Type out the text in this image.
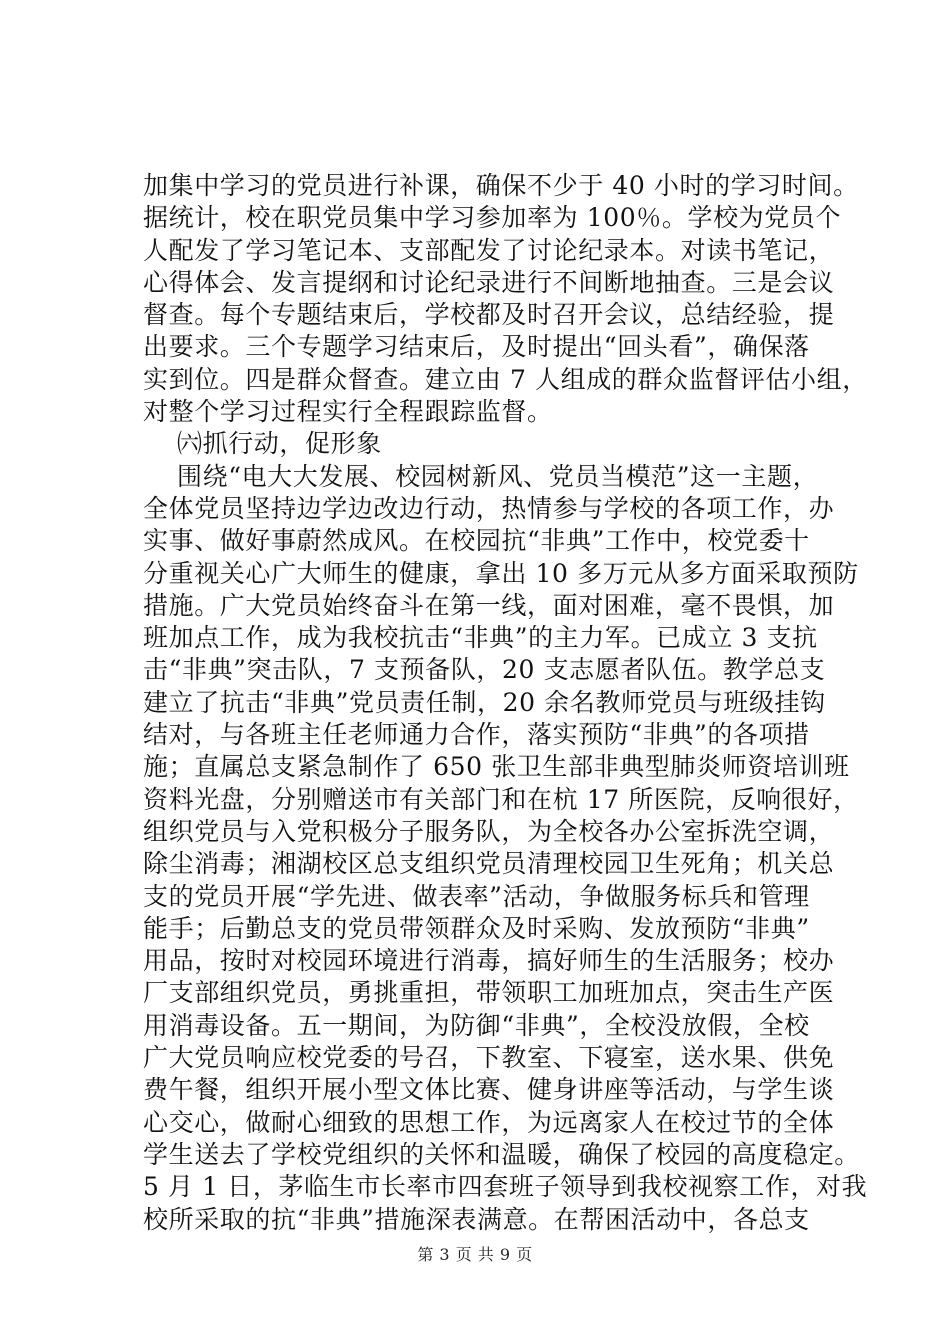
加集中学习的党员进行补课，确保不少于 40 小时的学习时间。
据统计，校在职党员集中学习参加率为 100％。学校为党员个
人配发了学习笔记本、支部配发了讨论纪录本。对读书笔记，
心得体会、发言提纲和讨论纪录进行不间断地抽查。三是会议
督查。每个专题结束后，学校都及时召开会议，总结经验，提
出要求。三个专题学习结束后，及时提出“回头看”，确保落
实到位。四是群众督查。建立由 7 人组成的群众监督评估小组，
对整个学习过程实行全程跟踪监督。
㈥抓行动，促形象
围绕“电大大发展、校园树新风、党员当模范”这一主题，
全体党员坚持边学边改边行动，热情参与学校的各项工作，办
实事、做好事蔚然成风。在校园抗“非典”工作中，校党委十
分重视关心广大师生的健康，拿出 10 多万元从多方面采取预防
措施。广大党员始终奋斗在第一线，面对困难，毫不畏惧，加
班加点工作，成为我校抗击“非典”的主力军。已成立 3 支抗
击“非典”突击队，7 支预备队，20 支志愿者队伍。教学总支
建立了抗击“非典”党员责任制，20 余名教师党员与班级挂钩
结对，与各班主任老师通力合作，落实预防“非典”的各项措
施；直属总支紧急制作了 650 张卫生部非典型肺炎师资培训班
资料光盘，分别赠送市有关部门和在杭 17 所医院，反响很好，
组织党员与入党积极分子服务队，为全校各办公室拆洗空调，
除尘消毒；湘湖校区总支组织党员清理校园卫生死角；机关总
支的党员开展“学先进、做表率”活动，争做服务标兵和管理
能手；后勤总支的党员带领群众及时采购、发放预防“非典”
用品，按时对校园环境进行消毒，搞好师生的生活服务；校办
厂支部组织党员，勇挑重担，带领职工加班加点，突击生产医
用消毒设备。五一期间，为防御“非典”，全校没放假，全校
广大党员响应校党委的号召，下教室、下寝室，送水果、供免
费午餐，组织开展小型文体比赛、健身讲座等活动，与学生谈
心交心，做耐心细致的思想工作，为远离家人在校过节的全体
学生送去了学校党组织的关怀和温暖，确保了校园的高度稳定。
5 月 1 日，茅临生市长率市四套班子领导到我校视察工作，对我
校所采取的抗“非典”措施深表满意。在帮困活动中，各总支
第 3 页 共 9 页
